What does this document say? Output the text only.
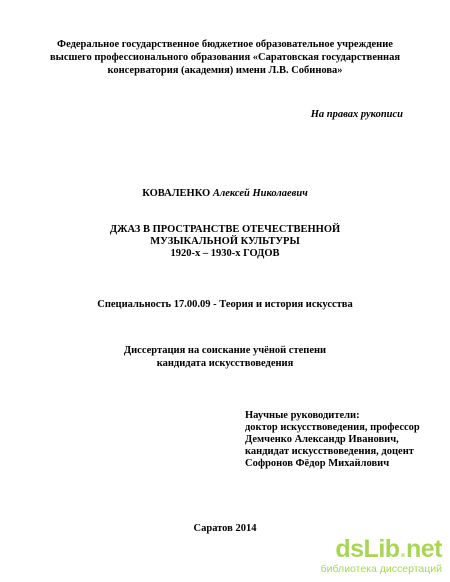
Федеральное государственное бюджетное образовательное учреждение
высшего профессионального образования «Саратовская государственная
консерватория (академия) имени Л.В. Собинова»
На правах рукописи
КОВАЛЕНКО Алексей Николаевич
ДЖАЗ В ПРОСТРАНСТВЕ ОТЕЧЕСТВЕННОЙ
МУЗЫКАЛЬНОЙ КУЛЬТУРЫ
1920-х – 1930-х ГОДОВ
Специальность 17.00.09 - Теория и история искусства
Диссертация на соискание учёной степени
кандидата искусствоведения
Научные руководители:
доктор искусствоведения, профессор
Демченко Александр Иванович,
кандидат искусствоведения, доцент
Софронов Фёдор Михайлович
Саратов 2014
dsLib.net
библиотека диссертаций
